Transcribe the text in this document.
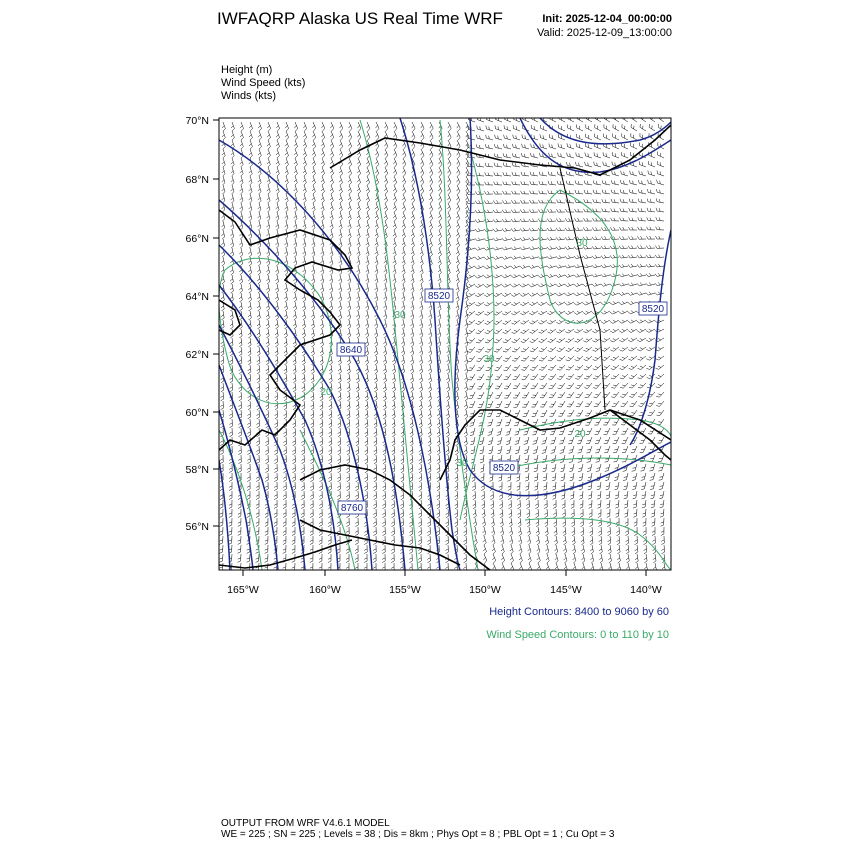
IWFAQRP Alaska US Real Time WRF	Init: 2025-12-04_00:00:00
Valid: 2025-12-09_13:00:00
Height (m)
Wind Speed (kts)
Winds (kts)
8520
8520
8640
8520
8760
30
30
30
20
30
20
70°N
68°N
66°N
64°N
62°N
60°N
58°N
56°N
165°W	160°W	155°W	150°W	145°W	140°W
Height Contours: 8400 to 9060 by 60
Wind Speed Contours: 0 to 110 by 10
OUTPUT FROM WRF V4.6.1 MODEL
WE = 225 ; SN = 225 ; Levels = 38 ; Dis = 8km ; Phys Opt = 8 ; PBL Opt = 1 ; Cu Opt = 3
